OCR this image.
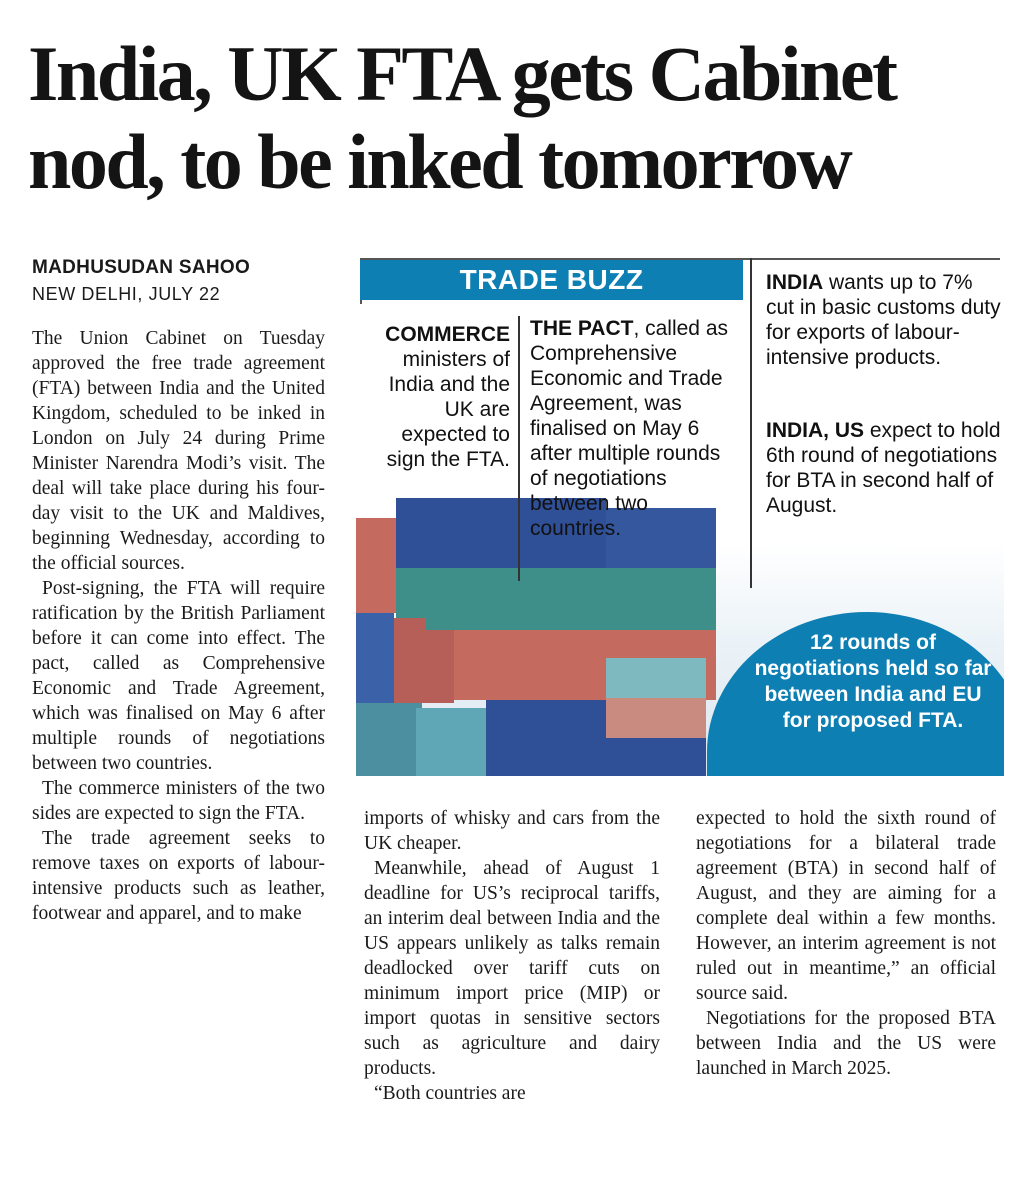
India, UK FTA gets Cabinet
nod, to be inked tomorrow
MADHUSUDAN SAHOO
NEW DELHI, JULY 22

The Union Cabinet on Tuesday approved the free trade agreement (FTA) between India and the United Kingdom, scheduled to be inked in London on July 24 during Prime Minister Narendra Modi’s visit. The deal will take place during his four-day visit to the UK and Maldives, beginning Wednesday, according to the official sources.

Post-signing, the FTA will require ratification by the British Parliament before it can come into effect. The pact, called as Comprehensive Economic and Trade Agreement, which was finalised on May 6 after multiple rounds of negotiations between two countries.

The commerce ministers of the two sides are expected to sign the FTA.

The trade agreement seeks to remove taxes on exports of labour-intensive products such as leather, footwear and apparel, and to make

TRADE BUZZ
COMMERCE ministers of India and the UK are expected to sign the FTA.
THE PACT, called as Comprehensive Economic and Trade Agreement, was finalised on May 6 after multiple rounds of negotiations between two countries.
INDIA wants up to 7% cut in basic customs duty for exports of labour-intensive products.
INDIA, US expect to hold 6th round of negotiations for BTA in second half of August.
12 rounds of negotiations held so far between India and EU for proposed FTA.

imports of whisky and cars from the UK cheaper.

Meanwhile, ahead of August 1 deadline for US’s reciprocal tariffs, an interim deal between India and the US appears unlikely as talks remain deadlocked over tariff cuts on minimum import price (MIP) or import quotas in sensitive sectors such as agriculture and dairy products.

“Both countries are

expected to hold the sixth round of negotiations for a bilateral trade agreement (BTA) in second half of August, and they are aiming for a complete deal within a few months. However, an interim agreement is not ruled out in meantime,” an official source said.

Negotiations for the proposed BTA between India and the US were launched in March 2025.
